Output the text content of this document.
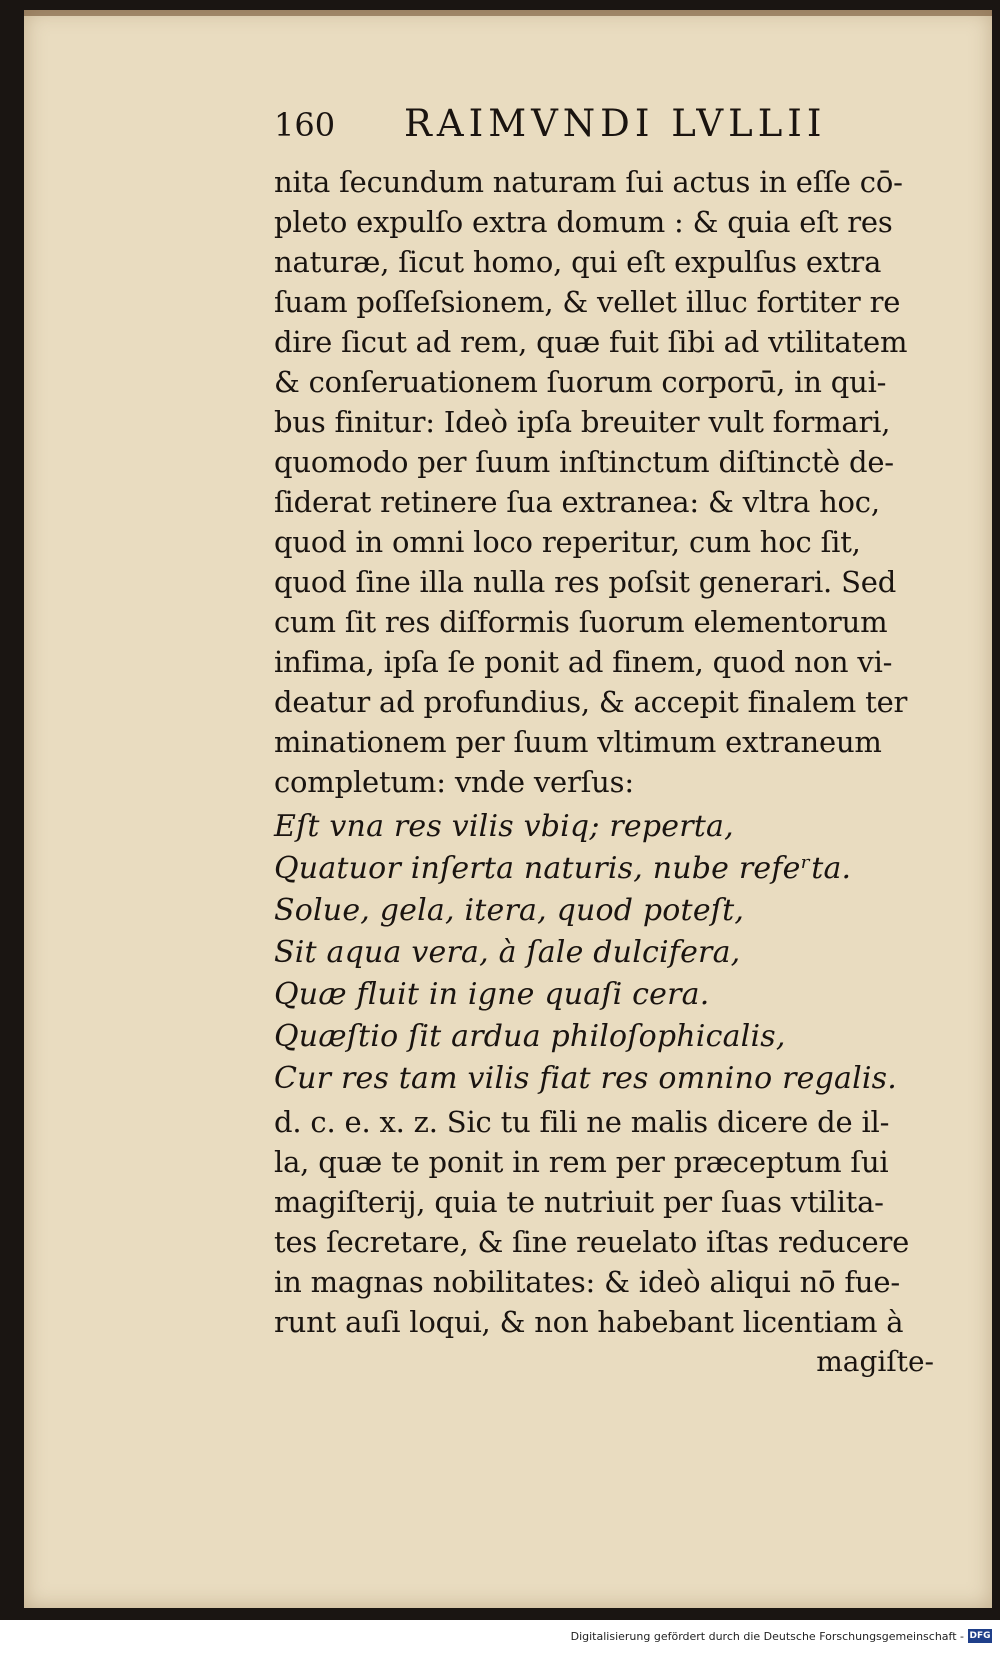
160	RAIMVNDI LVLLII
nita ſecundum naturam ſui actus in eſſe cō-
pleto expulſo extra domum : & quia eſt res
naturæ, ſicut homo, qui eſt expulſus extra
ſuam poſſeſsionem, & vellet illuc fortiter re
dire ſicut ad rem, quæ fuit ſibi ad vtilitatem
& conſeruationem ſuorum corporū, in qui-
bus finitur: Ideò ipſa breuiter vult formari,
quomodo per ſuum inſtinctum diſtinctè de-
ſiderat retinere ſua extranea: & vltra hoc,
quod in omni loco reperitur, cum hoc ſit,
quod ſine illa nulla res poſsit generari. Sed
cum ſit res diſformis ſuorum elementorum
infima, ipſa ſe ponit ad finem, quod non vi-
deatur ad profundius, & accepit finalem ter
minationem per ſuum vltimum extraneum
completum: vnde verſus:
Eſt vna res vilis vbiq; reperta,
Quatuor inſerta naturis, nube refeʳta.
Solue, gela, itera, quod poteſt,
Sit aqua vera, à ſale dulcifera,
Quæ fluit in igne quaſi cera.
Quæſtio ſit ardua philoſophicalis,
Cur res tam vilis fiat res omnino regalis.
d. c. e. x. z. Sic tu fili ne malis dicere de il-
la, quæ te ponit in rem per præceptum ſui
magiſterij, quia te nutriuit per ſuas vtilita-
tes ſecretare, & ſine reuelato iſtas reducere
in magnas nobilitates: & ideò aliqui nō fue-
runt auſi loqui, & non habebant licentiam à
magiſte-
Digitalisierung gefördert durch die Deutsche Forschungsgemeinschaft - DFG
